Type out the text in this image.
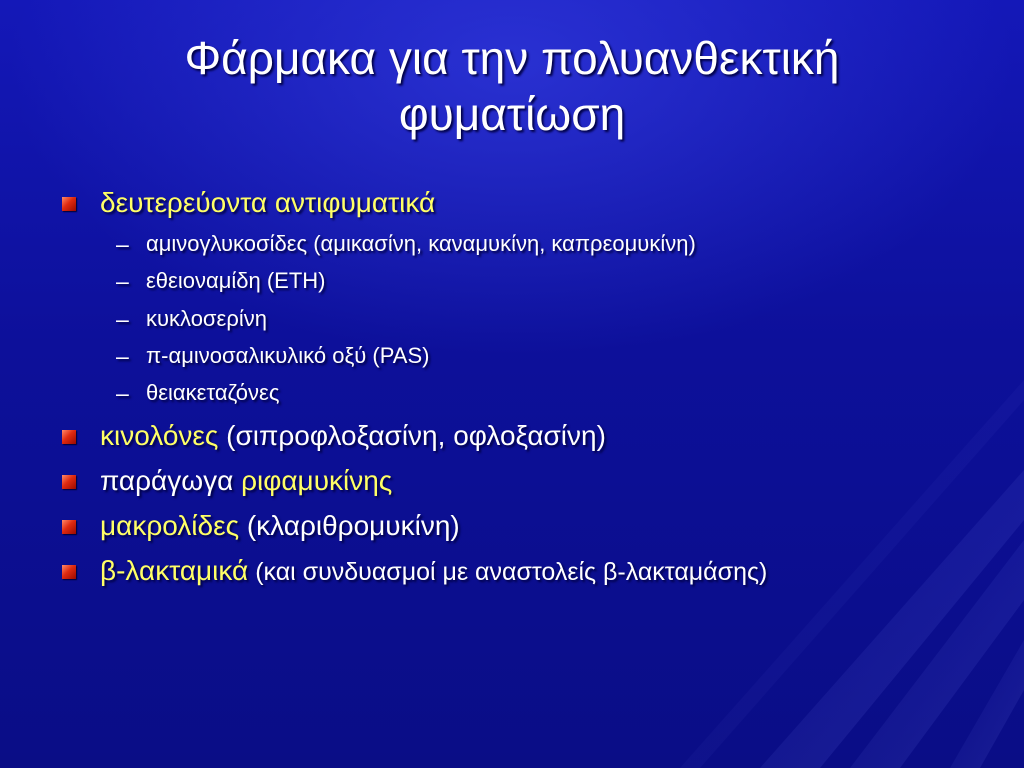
Φάρμακα για την πολυανθεκτική
φυματίωση
δευτερεύοντα αντιφυματικά
– αμινογλυκοσίδες (αμικασίνη, καναμυκίνη, καπρεομυκίνη)
– εθειοναμίδη (ETH)
– κυκλοσερίνη
– π-αμινοσαλικυλικό οξύ (PAS)
– θειακεταζόνες
κινολόνες (σιπροφλοξασίνη, οφλοξασίνη)
παράγωγα ριφαμυκίνης
μακρολίδες (κλαριθρομυκίνη)
β-λακταμικά (και συνδυασμοί με αναστολείς β-λακταμάσης)
